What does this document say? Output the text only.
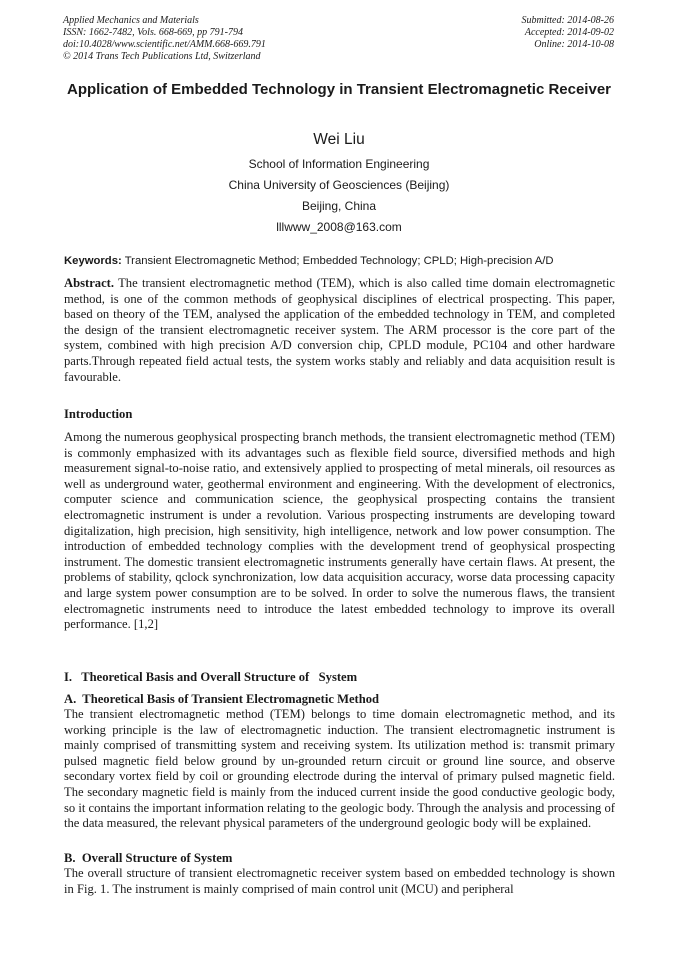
Applied Mechanics and Materials
ISSN: 1662-7482, Vols. 668-669, pp 791-794
doi:10.4028/www.scientific.net/AMM.668-669.791
© 2014 Trans Tech Publications Ltd, Switzerland
Submitted: 2014-08-26
Accepted: 2014-09-02
Online: 2014-10-08
Application of Embedded Technology in Transient Electromagnetic Receiver
Wei Liu
School of Information Engineering
China University of Geosciences (Beijing)
Beijing, China
lllwww_2008@163.com
Keywords: Transient Electromagnetic Method; Embedded Technology; CPLD; High-precision A/D
Abstract. The transient electromagnetic method (TEM), which is also called time domain electromagnetic method, is one of the common methods of geophysical disciplines of electrical prospecting. This paper, based on theory of the TEM, analysed the application of the embedded technology in TEM, and completed the design of the transient electromagnetic receiver system. The ARM processor is the core part of the system, combined with high precision A/D conversion chip, CPLD module, PC104 and other hardware parts.Through repeated field actual tests, the system works stably and reliably and data acquisition result is favourable.
Introduction
Among the numerous geophysical prospecting branch methods, the transient electromagnetic method (TEM) is commonly emphasized with its advantages such as flexible field source, diversified methods and high measurement signal-to-noise ratio, and extensively applied to prospecting of metal minerals, oil resources as well as underground water, geothermal environment and engineering. With the development of electronics, computer science and communication science, the geophysical prospecting contains the transient electromagnetic instrument is under a revolution. Various prospecting instruments are developing toward digitalization, high precision, high sensitivity, high intelligence, network and low power consumption. The introduction of embedded technology complies with the development trend of geophysical prospecting instrument. The domestic transient electromagnetic instruments generally have certain flaws. At present, the problems of stability, qclock synchronization, low data acquisition accuracy, worse data processing capacity and large system power consumption are to be solved. In order to solve the numerous flaws, the transient electromagnetic instruments need to introduce the latest embedded technology to improve its overall performance. [1,2]
I.   Theoretical Basis and Overall Structure of   System
A.  Theoretical Basis of Transient Electromagnetic Method
The transient electromagnetic method (TEM) belongs to time domain electromagnetic method, and its working principle is the law of electromagnetic induction. The transient electromagnetic instrument is mainly comprised of transmitting system and receiving system. Its utilization method is: transmit primary pulsed magnetic field below ground by un-grounded return circuit or ground line source, and observe secondary vortex field by coil or grounding electrode during the interval of primary pulsed magnetic field. The secondary magnetic field is mainly from the induced current inside the good conductive geologic body, so it contains the important information relating to the geologic body. Through the analysis and processing of the data measured, the relevant physical parameters of the underground geologic body will be explained.
B.  Overall Structure of System
The overall structure of transient electromagnetic receiver system based on embedded technology is shown in Fig. 1. The instrument is mainly comprised of main control unit (MCU) and peripheral
